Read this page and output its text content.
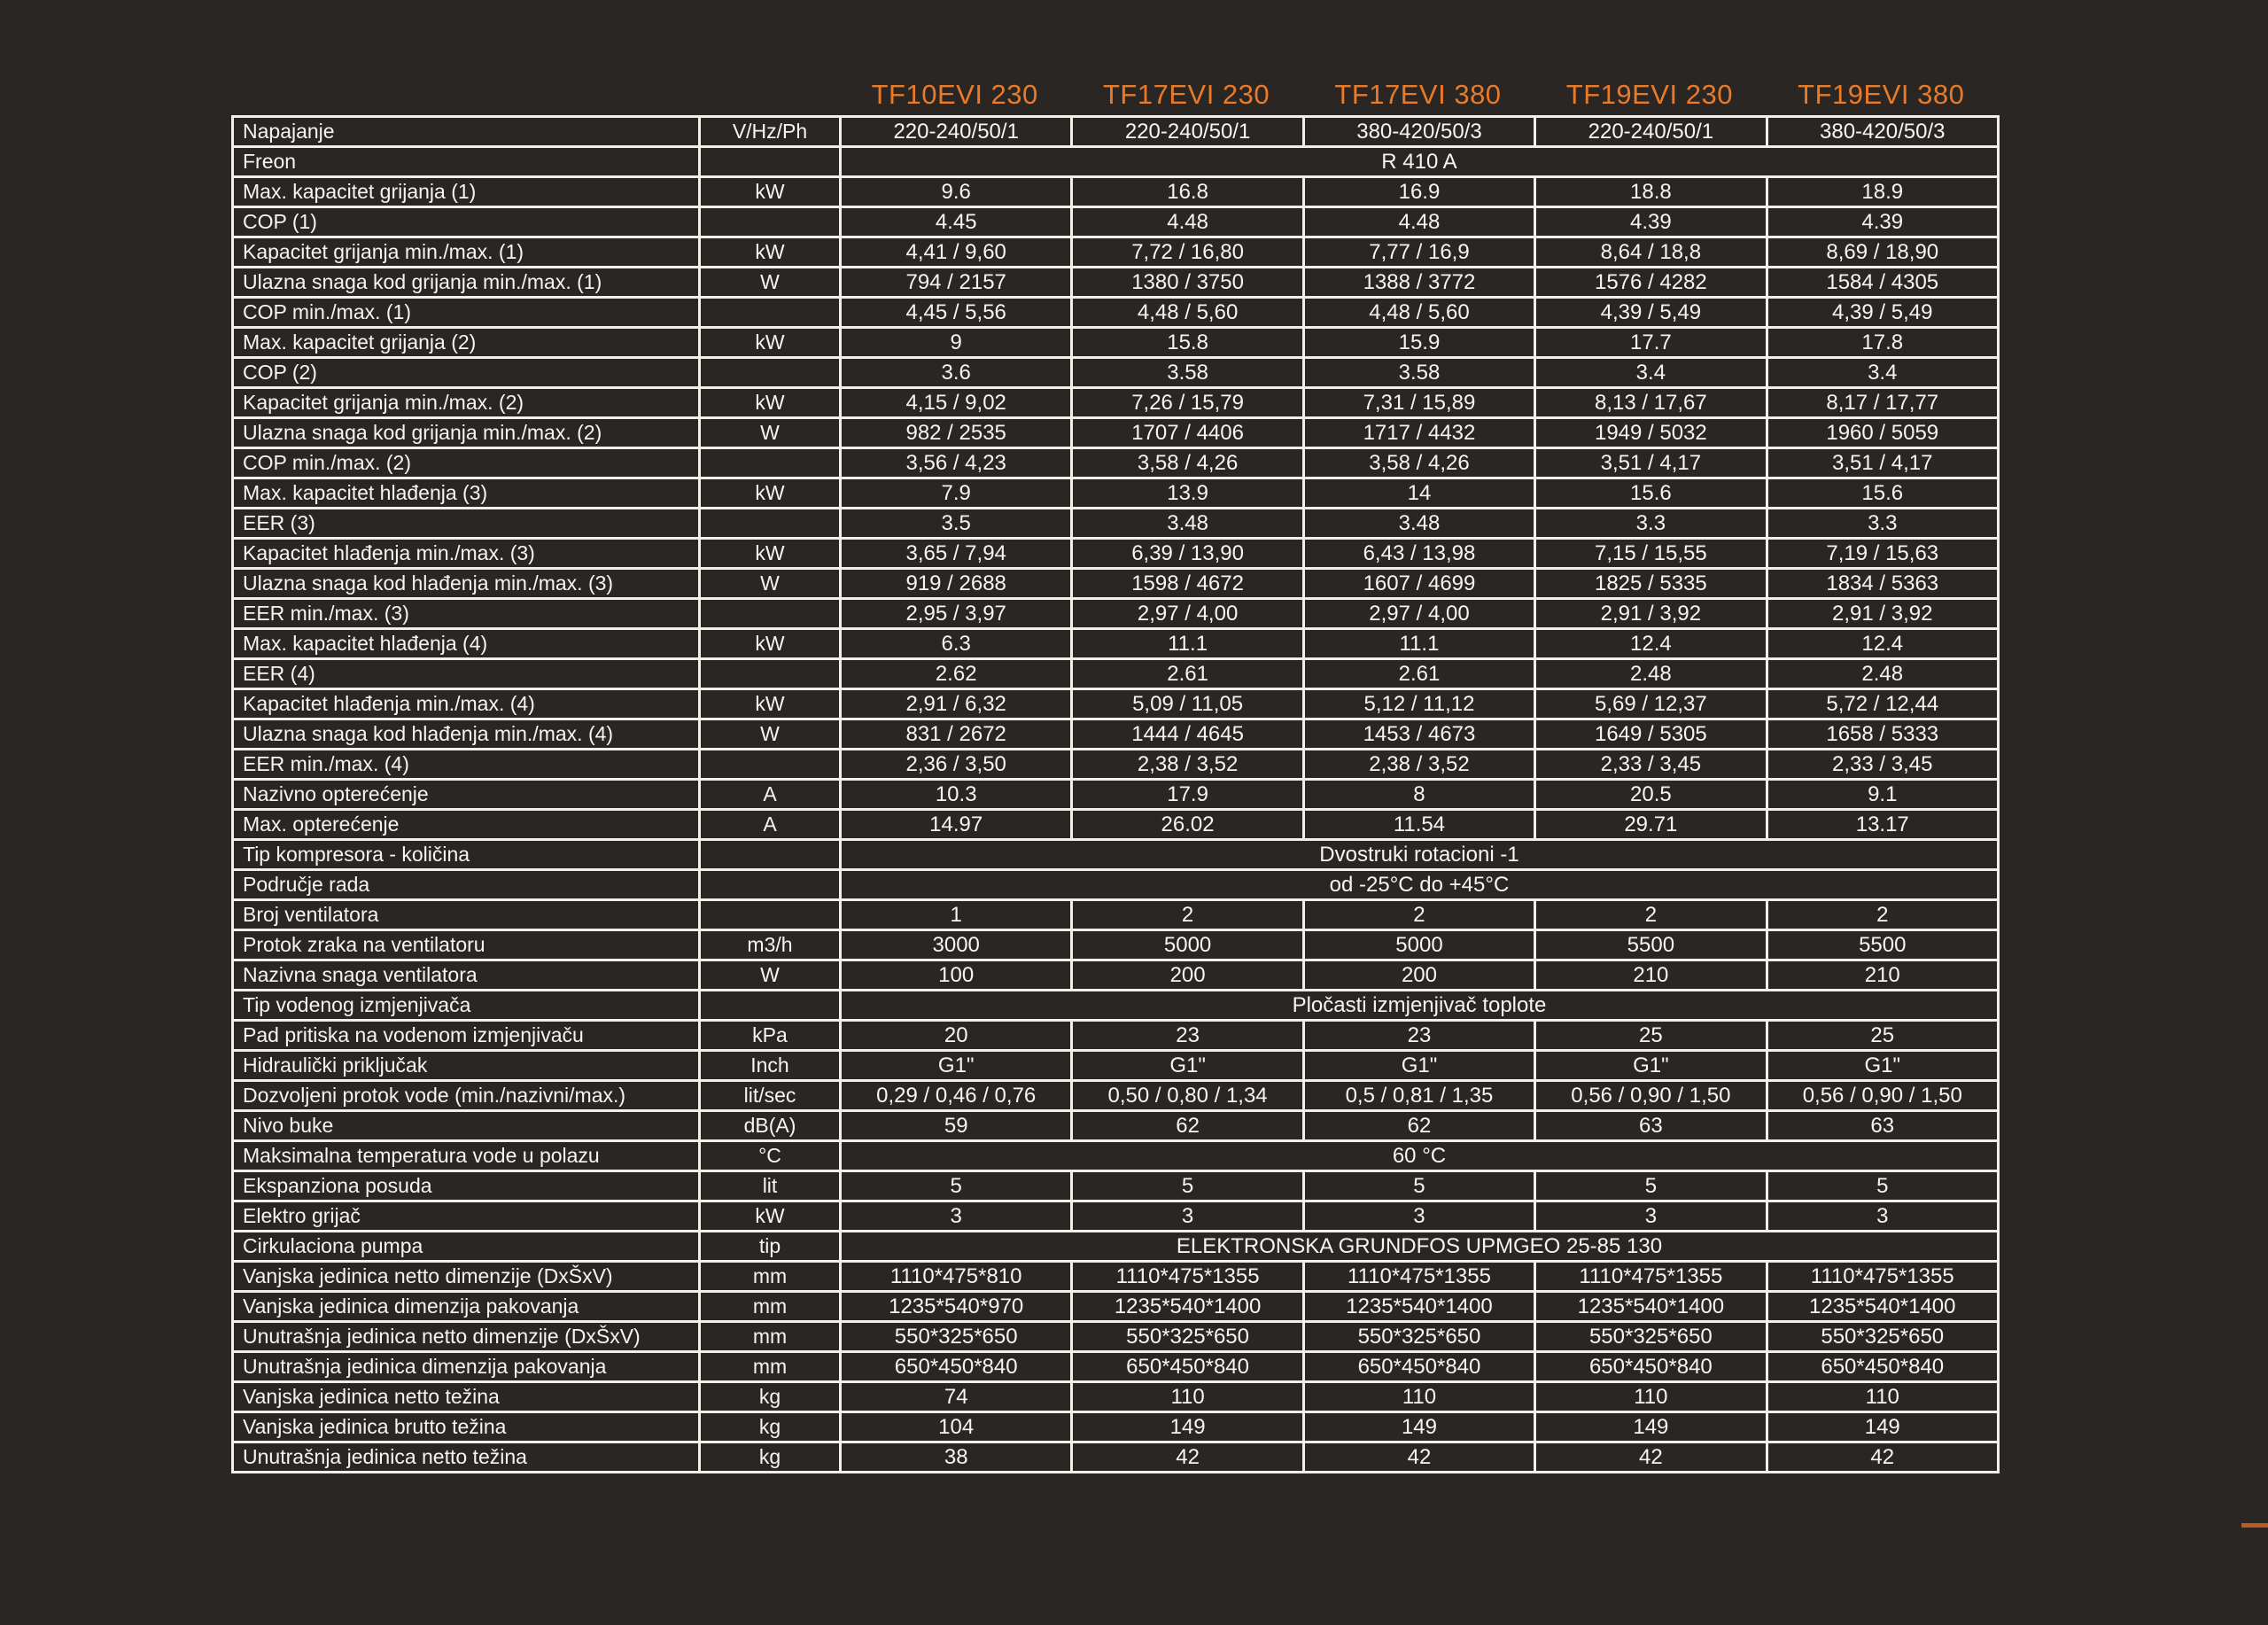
TF10EVI 230	TF17EVI 230	TF17EVI 380	TF19EVI 230	TF19EVI 380
Napajanje	V/Hz/Ph	220-240/50/1	220-240/50/1	380-420/50/3	220-240/50/1	380-420/50/3
Freon		R 410 A				
Max. kapacitet grijanja (1)	kW	9.6	16.8	16.9	18.8	18.9
COP (1)		4.45	4.48	4.48	4.39	4.39
Kapacitet grijanja min./max. (1)	kW	4,41 / 9,60	7,72 / 16,80	7,77 / 16,9	8,64 / 18,8	8,69 / 18,90
Ulazna snaga kod grijanja min./max. (1)	W	794 / 2157	1380 / 3750	1388 / 3772	1576 / 4282	1584 / 4305
COP min./max. (1)		4,45 / 5,56	4,48 / 5,60	4,48 / 5,60	4,39 / 5,49	4,39 / 5,49
Max. kapacitet grijanja (2)	kW	9	15.8	15.9	17.7	17.8
COP (2)		3.6	3.58	3.58	3.4	3.4
Kapacitet grijanja min./max. (2)	kW	4,15 / 9,02	7,26 / 15,79	7,31 / 15,89	8,13 / 17,67	8,17 / 17,77
Ulazna snaga kod grijanja min./max. (2)	W	982 / 2535	1707 / 4406	1717 / 4432	1949 / 5032	1960 / 5059
COP min./max. (2)		3,56 / 4,23	3,58 / 4,26	3,58 / 4,26	3,51 / 4,17	3,51 / 4,17
Max. kapacitet hlađenja (3)	kW	7.9	13.9	14	15.6	15.6
EER (3)		3.5	3.48	3.48	3.3	3.3
Kapacitet hlađenja min./max. (3)	kW	3,65 / 7,94	6,39 / 13,90	6,43 / 13,98	7,15 / 15,55	7,19 / 15,63
Ulazna snaga kod hlađenja min./max. (3)	W	919 / 2688	1598 / 4672	1607 / 4699	1825 / 5335	1834 / 5363
EER min./max. (3)		2,95 / 3,97	2,97 / 4,00	2,97 / 4,00	2,91 / 3,92	2,91 / 3,92
Max. kapacitet hlađenja (4)	kW	6.3	11.1	11.1	12.4	12.4
EER (4)		2.62	2.61	2.61	2.48	2.48
Kapacitet hlađenja min./max. (4)	kW	2,91 / 6,32	5,09 / 11,05	5,12 / 11,12	5,69 / 12,37	5,72 / 12,44
Ulazna snaga kod hlađenja min./max. (4)	W	831 / 2672	1444 / 4645	1453 / 4673	1649 / 5305	1658 / 5333
EER min./max. (4)		2,36 / 3,50	2,38 / 3,52	2,38 / 3,52	2,33 / 3,45	2,33 / 3,45
Nazivno opterećenje	A	10.3	17.9	8	20.5	9.1
Max. opterećenje	A	14.97	26.02	11.54	29.71	13.17
Tip kompresora - količina		Dvostruki rotacioni -1				
Područje rada		od -25°C do +45°C				
Broj ventilatora		1	2	2	2	2
Protok zraka na ventilatoru	m3/h	3000	5000	5000	5500	5500
Nazivna snaga ventilatora	W	100	200	200	210	210
Tip vodenog izmjenjivača		Pločasti izmjenjivač toplote				
Pad pritiska na vodenom izmjenjivaču	kPa	20	23	23	25	25
Hidraulički priključak	Inch	G1"	G1"	G1"	G1"	G1"
Dozvoljeni protok vode (min./nazivni/max.)	lit/sec	0,29 / 0,46 / 0,76	0,50 / 0,80 / 1,34	0,5 / 0,81 / 1,35	0,56 / 0,90 / 1,50	0,56 / 0,90 / 1,50
Nivo buke	dB(A)	59	62	62	63	63
Maksimalna temperatura vode u polazu	°C	60 °C				
Ekspanziona posuda	lit	5	5	5	5	5
Elektro grijač	kW	3	3	3	3	3
Cirkulaciona pumpa	tip	ELEKTRONSKA GRUNDFOS UPMGEO 25-85 130				
Vanjska jedinica netto dimenzije (DxŠxV)	mm	1110*475*810	1110*475*1355	1110*475*1355	1110*475*1355	1110*475*1355
Vanjska jedinica dimenzija pakovanja	mm	1235*540*970	1235*540*1400	1235*540*1400	1235*540*1400	1235*540*1400
Unutrašnja jedinica netto dimenzije (DxŠxV)	mm	550*325*650	550*325*650	550*325*650	550*325*650	550*325*650
Unutrašnja jedinica dimenzija pakovanja	mm	650*450*840	650*450*840	650*450*840	650*450*840	650*450*840
Vanjska jedinica netto težina	kg	74	110	110	110	110
Vanjska jedinica brutto težina	kg	104	149	149	149	149
Unutrašnja jedinica netto težina	kg	38	42	42	42	42
